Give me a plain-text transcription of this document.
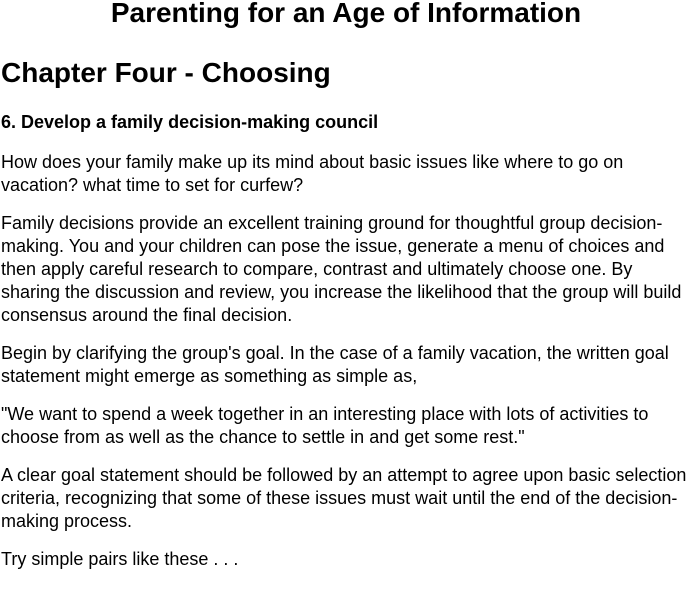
Parenting for an Age of Information
Chapter Four - Choosing
6. Develop a family decision-making council

How does your family make up its mind about basic issues like where to go on vacation? what time to set for curfew?

Family decisions provide an excellent training ground for thoughtful group decision-making. You and your children can pose the issue, generate a menu of choices and then apply careful research to compare, contrast and ultimately choose one. By sharing the discussion and review, you increase the likelihood that the group will build consensus around the final decision.

Begin by clarifying the group's goal. In the case of a family vacation, the written goal statement might emerge as something as simple as,

"We want to spend a week together in an interesting place with lots of activities to choose from as well as the chance to settle in and get some rest."

A clear goal statement should be followed by an attempt to agree upon basic selection criteria, recognizing that some of these issues must wait until the end of the decision-making process.

Try simple pairs like these . . .
